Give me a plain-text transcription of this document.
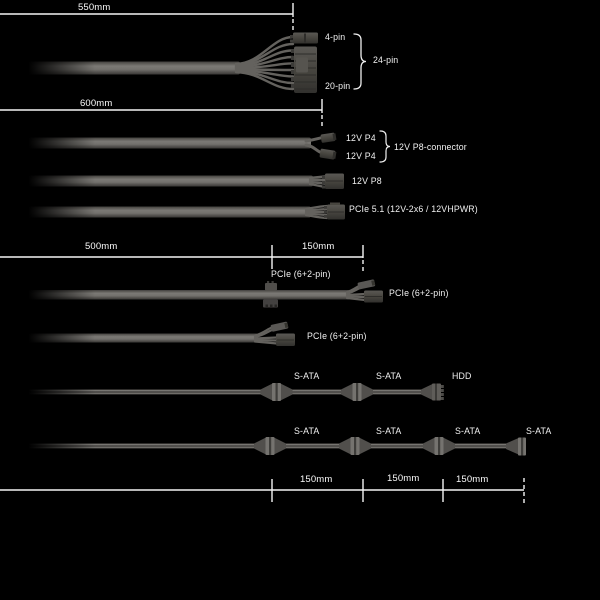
550mm
600mm
500mm	150mm
4-pin
24-pin
20-pin
12V P4
12V P4
12V P8-connector
12V P8
PCIe 5.1 (12V-2x6 / 12VHPWR)
PCIe (6+2-pin)
PCIe (6+2-pin)
PCIe (6+2-pin)
S-ATA	S-ATA	HDD
S-ATA	S-ATA	S-ATA	S-ATA
150mm	150mm	150mm
